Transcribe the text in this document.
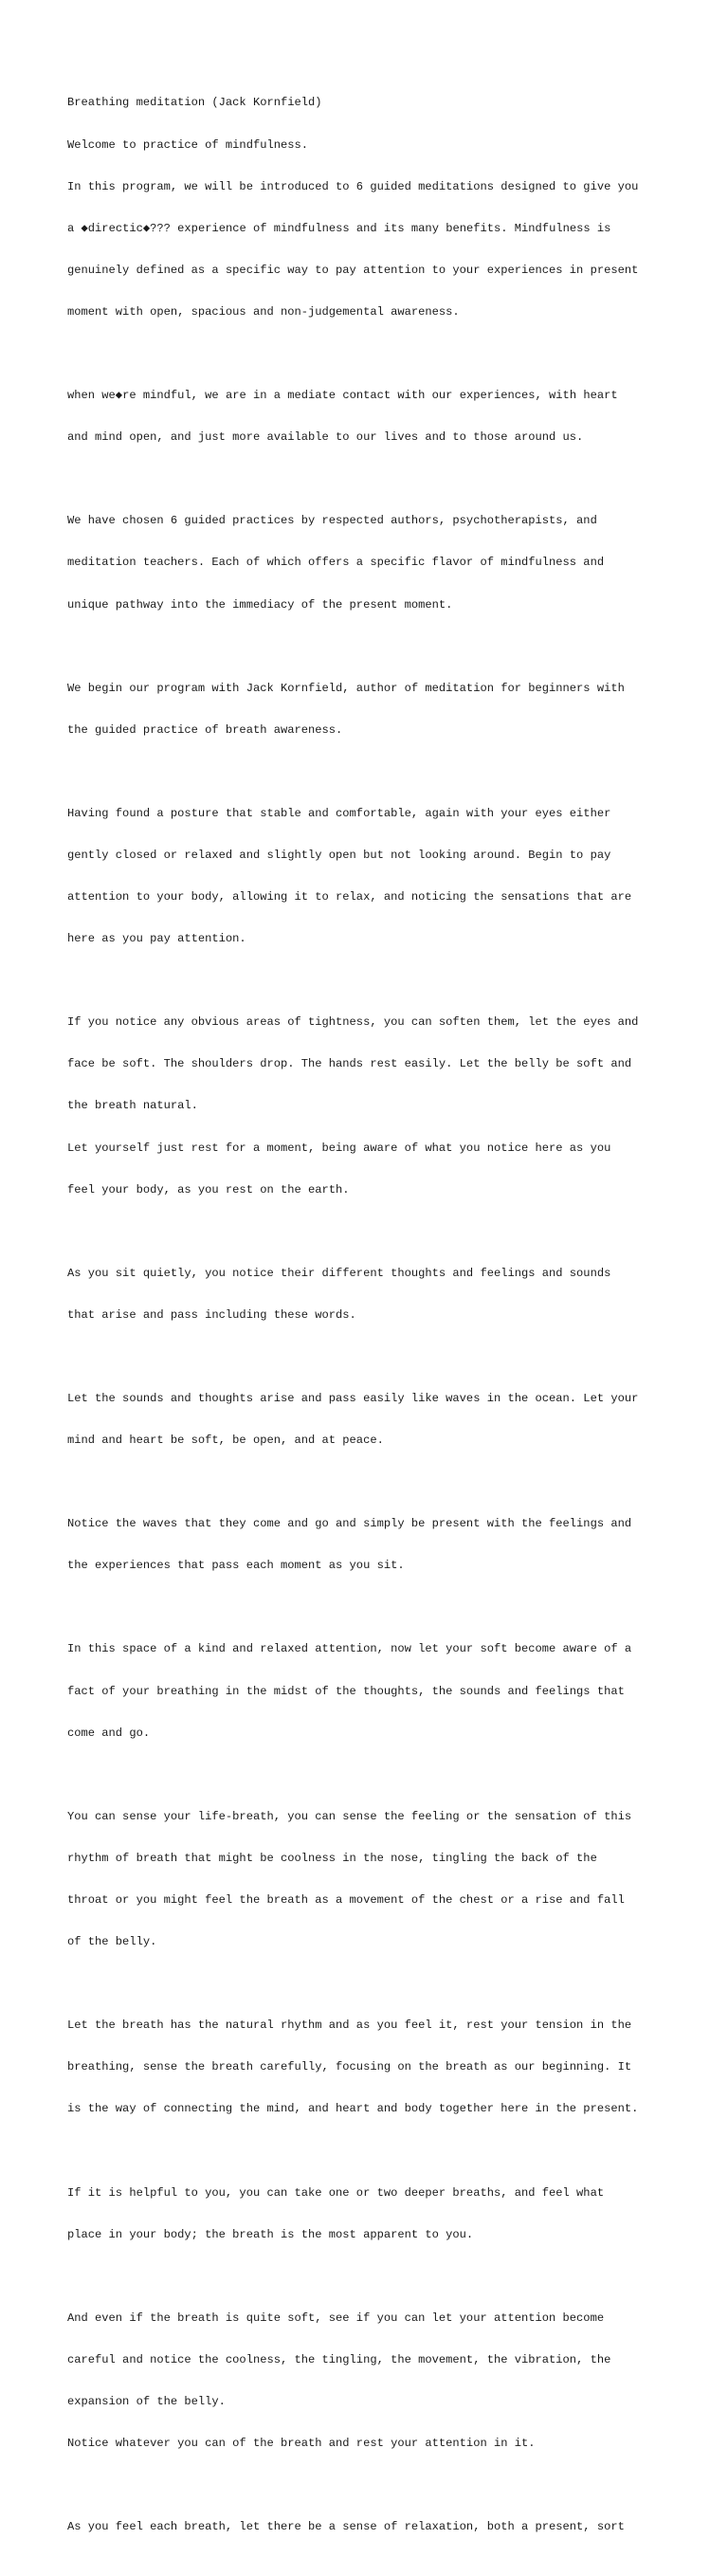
Breathing meditation (Jack Kornfield)

Welcome to practice of mindfulness.

In this program, we will be introduced to 6 guided meditations designed to give you

a ◆directic◆??? experience of mindfulness and its many benefits. Mindfulness is

genuinely defined as a specific way to pay attention to your experiences in present

moment with open, spacious and non-judgemental awareness.

when we◆re mindful, we are in a mediate contact with our experiences, with heart

and mind open, and just more available to our lives and to those around us.

We have chosen 6 guided practices by respected authors, psychotherapists, and

meditation teachers. Each of which offers a specific flavor of mindfulness and

unique pathway into the immediacy of the present moment.

We begin our program with Jack Kornfield, author of meditation for beginners with

the guided practice of breath awareness.

Having found a posture that stable and comfortable, again with your eyes either

gently closed or relaxed and slightly open but not looking around. Begin to pay

attention to your body, allowing it to relax, and noticing the sensations that are

here as you pay attention.

If you notice any obvious areas of tightness, you can soften them, let the eyes and

face be soft. The shoulders drop. The hands rest easily. Let the belly be soft and

the breath natural.

Let yourself just rest for a moment, being aware of what you notice here as you

feel your body, as you rest on the earth.

As you sit quietly, you notice their different thoughts and feelings and sounds

that arise and pass including these words.

Let the sounds and thoughts arise and pass easily like waves in the ocean. Let your

mind and heart be soft, be open, and at peace.

Notice the waves that they come and go and simply be present with the feelings and

the experiences that pass each moment as you sit.

In this space of a kind and relaxed attention, now let your soft become aware of a

fact of your breathing in the midst of the thoughts, the sounds and feelings that

come and go.

You can sense your life-breath, you can sense the feeling or the sensation of this

rhythm of breath that might be coolness in the nose, tingling the back of the

throat or you might feel the breath as a movement of the chest or a rise and fall

of the belly.

Let the breath has the natural rhythm and as you feel it, rest your tension in the

breathing, sense the breath carefully, focusing on the breath as our beginning. It

is the way of connecting the mind, and heart and body together here in the present.

If it is helpful to you, you can take one or two deeper breaths, and feel what

place in your body; the breath is the most apparent to you.

And even if the breath is quite soft, see if you can let your attention become

careful and notice the coolness, the tingling, the movement, the vibration, the

expansion of the belly.

Notice whatever you can of the breath and rest your attention in it.

As you feel each breath, let there be a sense of relaxation, both a present, sort
